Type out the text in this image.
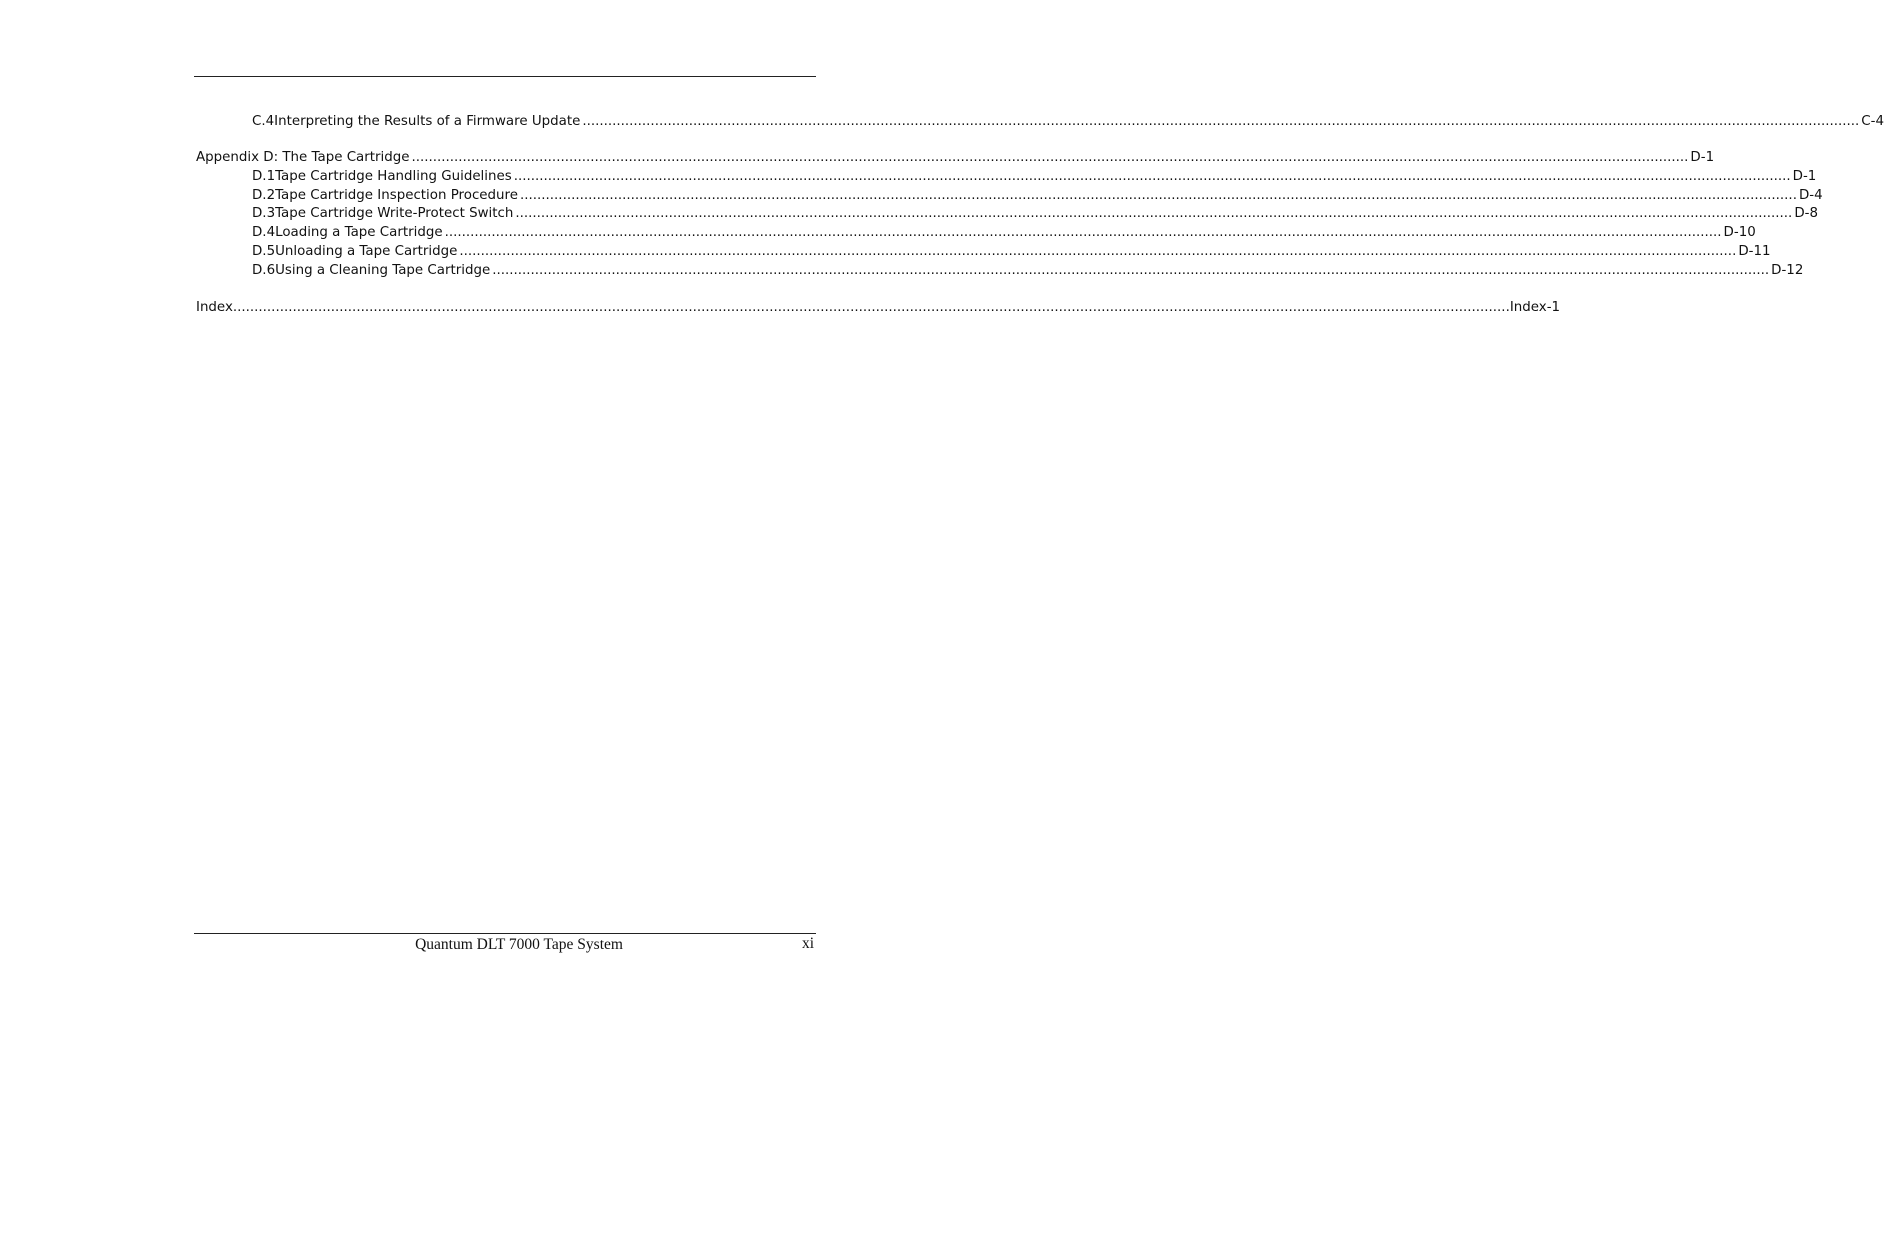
C.4 Interpreting the Results of a Firmware Update ............................................................................................................................................................................................................................................................................................................ C-4
Appendix D: The Tape Cartridge ............................................................................................................................................................................................................................................................................................................ D-1
D.1 Tape Cartridge Handling Guidelines ............................................................................................................................................................................................................................................................................................................ D-1
D.2 Tape Cartridge Inspection Procedure ............................................................................................................................................................................................................................................................................................................ D-4
D.3 Tape Cartridge Write-Protect Switch ............................................................................................................................................................................................................................................................................................................ D-8
D.4 Loading a Tape Cartridge ............................................................................................................................................................................................................................................................................................................ D-10
D.5 Unloading a Tape Cartridge ............................................................................................................................................................................................................................................................................................................ D-11
D.6 Using a Cleaning Tape Cartridge ............................................................................................................................................................................................................................................................................................................ D-12
Index ............................................................................................................................................................................................................................................................................................................ Index-1
Quantum DLT 7000 Tape System	xi
